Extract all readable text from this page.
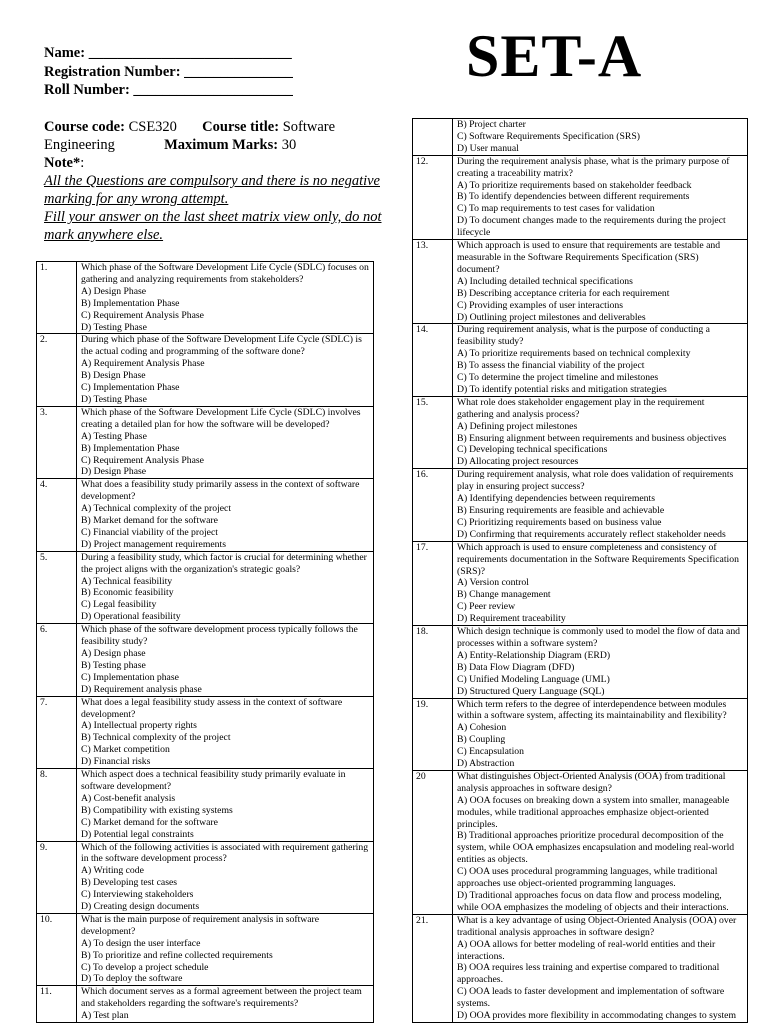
Name: ____________________________
Registration Number: _______________
Roll Number: ______________________
SET-A
Course code: CSE320 Course title: Software
Engineering	Maximum Marks: 30
Note*:

All the Questions are compulsory and there is no negative marking for any wrong attempt.

Fill your answer on the last sheet matrix view only, do not mark anywhere else.

1.	Which phase of the Software Development Life Cycle (SDLC) focuses on gathering and analyzing requirements from stakeholders?
A) Design Phase
B) Implementation Phase
C) Requirement Analysis Phase
D) Testing Phase

2.	During which phase of the Software Development Life Cycle (SDLC) is the actual coding and programming of the software done?
A) Requirement Analysis Phase
B) Design Phase
C) Implementation Phase
D) Testing Phase

3.	Which phase of the Software Development Life Cycle (SDLC) involves creating a detailed plan for how the software will be developed?
A) Testing Phase
B) Implementation Phase
C) Requirement Analysis Phase
D) Design Phase

4.	What does a feasibility study primarily assess in the context of software development?
A) Technical complexity of the project
B) Market demand for the software
C) Financial viability of the project
D) Project management requirements

5.	During a feasibility study, which factor is crucial for determining whether the project aligns with the organization's strategic goals?
A) Technical feasibility
B) Economic feasibility
C) Legal feasibility
D) Operational feasibility

6.	Which phase of the software development process typically follows the feasibility study?
A) Design phase
B) Testing phase
C) Implementation phase
D) Requirement analysis phase

7.	What does a legal feasibility study assess in the context of software development?
A) Intellectual property rights
B) Technical complexity of the project
C) Market competition
D) Financial risks

8.	Which aspect does a technical feasibility study primarily evaluate in software development?
A) Cost-benefit analysis
B) Compatibility with existing systems
C) Market demand for the software
D) Potential legal constraints

9.	Which of the following activities is associated with requirement gathering in the software development process?
A) Writing code
B) Developing test cases
C) Interviewing stakeholders
D) Creating design documents

10.	What is the main purpose of requirement analysis in software development?
A) To design the user interface
B) To prioritize and refine collected requirements
C) To develop a project schedule
D) To deploy the software

11.	Which document serves as a formal agreement between the project team and stakeholders regarding the software's requirements?
A) Test plan

	B) Project charter
C) Software Requirements Specification (SRS)
D) User manual

12.	During the requirement analysis phase, what is the primary purpose of creating a traceability matrix?
A) To prioritize requirements based on stakeholder feedback
B) To identify dependencies between different requirements
C) To map requirements to test cases for validation
D) To document changes made to the requirements during the project lifecycle

13.	Which approach is used to ensure that requirements are testable and measurable in the Software Requirements Specification (SRS) document?
A) Including detailed technical specifications
B) Describing acceptance criteria for each requirement
C) Providing examples of user interactions
D) Outlining project milestones and deliverables

14.	During requirement analysis, what is the purpose of conducting a feasibility study?
A) To prioritize requirements based on technical complexity
B) To assess the financial viability of the project
C) To determine the project timeline and milestones
D) To identify potential risks and mitigation strategies

15.	What role does stakeholder engagement play in the requirement gathering and analysis process?
A) Defining project milestones
B) Ensuring alignment between requirements and business objectives
C) Developing technical specifications
D) Allocating project resources

16.	During requirement analysis, what role does validation of requirements play in ensuring project success?
A) Identifying dependencies between requirements
B) Ensuring requirements are feasible and achievable
C) Prioritizing requirements based on business value
D) Confirming that requirements accurately reflect stakeholder needs

17.	Which approach is used to ensure completeness and consistency of requirements documentation in the Software Requirements Specification (SRS)?
A) Version control
B) Change management
C) Peer review
D) Requirement traceability

18.	Which design technique is commonly used to model the flow of data and processes within a software system?
A) Entity-Relationship Diagram (ERD)
B) Data Flow Diagram (DFD)
C) Unified Modeling Language (UML)
D) Structured Query Language (SQL)

19.	Which term refers to the degree of interdependence between modules within a software system, affecting its maintainability and flexibility?
A) Cohesion
B) Coupling
C) Encapsulation
D) Abstraction

20	What distinguishes Object-Oriented Analysis (OOA) from traditional analysis approaches in software design?
A) OOA focuses on breaking down a system into smaller, manageable modules, while traditional approaches emphasize object-oriented principles.
B) Traditional approaches prioritize procedural decomposition of the system, while OOA emphasizes encapsulation and modeling real-world entities as objects.
C) OOA uses procedural programming languages, while traditional approaches use object-oriented programming languages.
D) Traditional approaches focus on data flow and process modeling, while OOA emphasizes the modeling of objects and their interactions.

21.	What is a key advantage of using Object-Oriented Analysis (OOA) over traditional analysis approaches in software design?
A) OOA allows for better modeling of real-world entities and their interactions.
B) OOA requires less training and expertise compared to traditional approaches.
C) OOA leads to faster development and implementation of software systems.
D) OOA provides more flexibility in accommodating changes to system
